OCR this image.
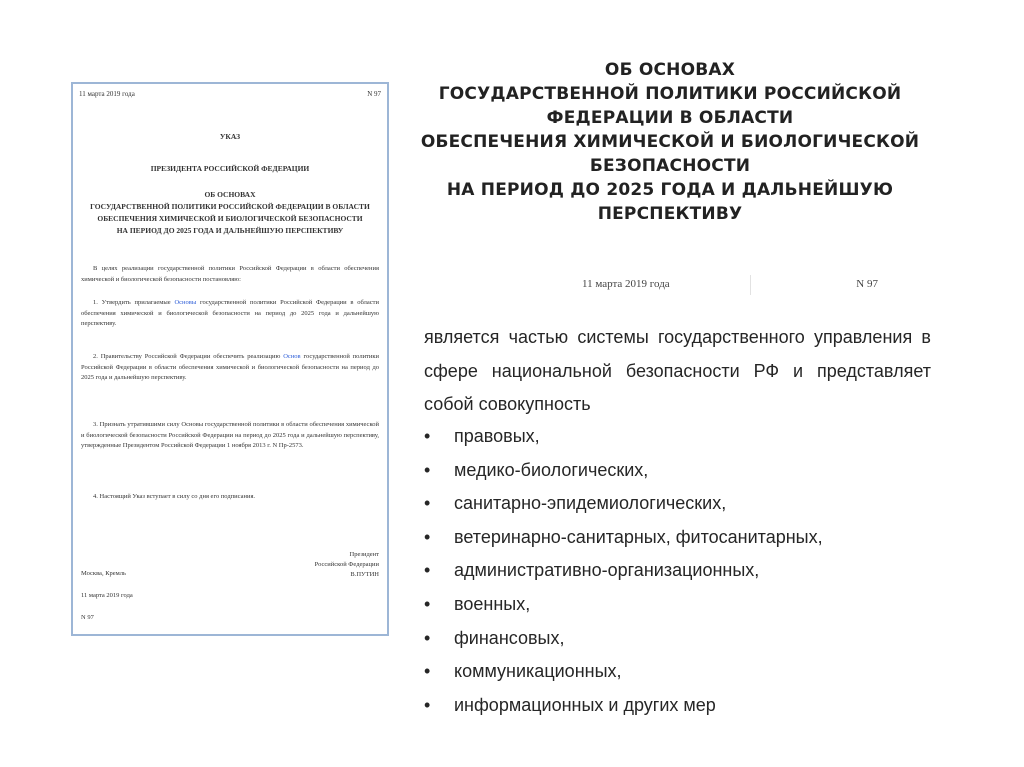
11 марта 2019 года	N 97
УКАЗ
ПРЕЗИДЕНТА РОССИЙСКОЙ ФЕДЕРАЦИИ
ОБ ОСНОВАХ
ГОСУДАРСТВЕННОЙ ПОЛИТИКИ РОССИЙСКОЙ ФЕДЕРАЦИИ В ОБЛАСТИ
ОБЕСПЕЧЕНИЯ ХИМИЧЕСКОЙ И БИОЛОГИЧЕСКОЙ БЕЗОПАСНОСТИ
НА ПЕРИОД ДО 2025 ГОДА И ДАЛЬНЕЙШУЮ ПЕРСПЕКТИВУ
В целях реализации государственной политики Российской Федерации в области обеспечения химической и биологической безопасности постановляю:
1. Утвердить прилагаемые Основы государственной политики Российской Федерации в области обеспечения химической и биологической безопасности на период до 2025 года и дальнейшую перспективу.
2. Правительству Российской Федерации обеспечить реализацию Основ государственной политики Российской Федерации в области обеспечения химической и биологической безопасности на период до 2025 года и дальнейшую перспективу.
3. Признать утратившими силу Основы государственной политики в области обеспечения химической и биологической безопасности Российской Федерации на период до 2025 года и дальнейшую перспективу, утвержденные Президентом Российской Федерации 1 ноября 2013 г. N Пр-2573.
4. Настоящий Указ вступает в силу со дня его подписания.
Президент
Российской Федерации
В.ПУТИН
Москва, Кремль
11 марта 2019 года
N 97
ОБ ОСНОВАХ
ГОСУДАРСТВЕННОЙ ПОЛИТИКИ РОССИЙСКОЙ
ФЕДЕРАЦИИ В ОБЛАСТИ
ОБЕСПЕЧЕНИЯ ХИМИЧЕСКОЙ И БИОЛОГИЧЕСКОЙ
БЕЗОПАСНОСТИ
НА ПЕРИОД ДО 2025 ГОДА И ДАЛЬНЕЙШУЮ
ПЕРСПЕКТИВУ
11 марта 2019 года	N 97
является частью системы государственного управления в сфере национальной безопасности РФ и представляет собой совокупность
•	правовых,
•	медико-биологических,
•	санитарно-эпидемиологических,
•	ветеринарно-санитарных, фитосанитарных,
•	административно-организационных,
•	военных,
•	финансовых,
•	коммуникационных,
•	информационных и других мер
